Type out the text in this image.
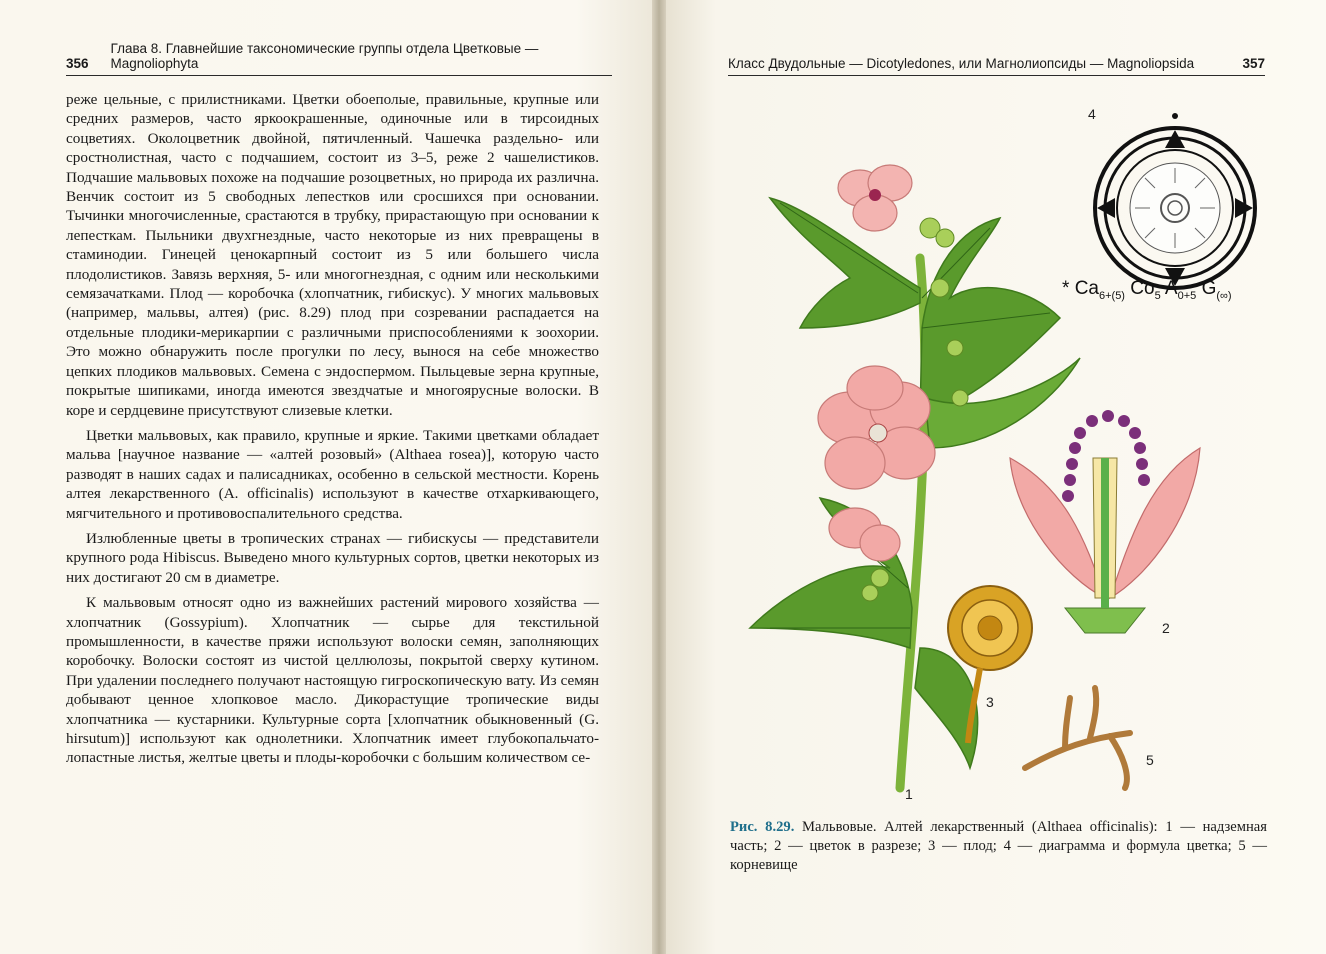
356
Глава 8. Главнейшие таксономические группы отдела Цветковые — Magnoliophyta	Класс Двудольные — Dicotyledones, или Магнолиопсиды — Magnoliopsida	357

реже цельные, с прилистниками. Цветки обоеполые, правильные, крупные или средних размеров, часто яркоокрашенные, одиночные или в тирсоидных соцветиях. Околоцветник двойной, пятичленный. Чашечка раздельно- или сростнолистная, часто с подчашием, состоит из 3–5, реже 2 чашелистиков. Подчашие мальвовых похоже на подчашие розоцветных, но природа их различна. Венчик состоит из 5 свободных лепестков или сросшихся при основании. Тычинки многочисленные, срастаются в трубку, прирастающую при основании к лепесткам. Пыльники двухгнездные, часто некоторые из них превращены в стаминодии. Гинецей ценокарпный состоит из 5 или большего числа плодолистиков. Завязь верхняя, 5- или многогнездная, с одним или несколькими семязачатками. Плод — коробочка (хлопчатник, гибискус). У многих мальвовых (например, мальвы, алтея) (рис. 8.29) плод при созревании распадается на отдельные плодики-мерикарпии с различными приспособлениями к зоохории. Это можно обнаружить после прогулки по лесу, вынося на себе множество цепких плодиков мальвовых. Семена с эндоспермом. Пыльцевые зерна крупные, покрытые шипиками, иногда имеются звездчатые и многоярусные волоски. В коре и сердцевине присутствуют слизевые клетки.

Цветки мальвовых, как правило, крупные и яркие. Такими цветками обладает мальва [научное название — «алтей розовый» (Althaea rosea)], которую часто разводят в наших садах и палисадниках, особенно в сельской местности. Корень алтея лекарственного (A. officinalis) используют в качестве отхаркивающего, мягчительного и противовоспалительного средства.

Излюбленные цветы в тропических странах — гибискусы — представители крупного рода Hibiscus. Выведено много культурных сортов, цветки некоторых из них достигают 20 см в диаметре.

К мальвовым относят одно из важнейших растений мирового хозяйства — хлопчатник (Gossypium). Хлопчатник — сырье для текстильной промышленности, в качестве пряжи используют волоски семян, заполняющих коробочку. Волоски состоят из чистой целлюлозы, покрытой сверху кутином. При удалении последнего получают настоящую гигроскопическую вату. Из семян добывают ценное хлопковое масло. Дикорастущие тропические виды хлопчатника — кустарники. Культурные сорта [хлопчатник обыкновенный (G. hirsutum)] используют как однолетники. Хлопчатник имеет глубокопальчато-лопастные листья, желтые цветы и плоды-коробочки с большим количеством се-

4
2
3
5
1
* $Ca_{6+(5)}$ $Co_5$ $A_{0+5}$ $G_{(\infty)}$
Рис. 8.29. Мальвовые. Алтей лекарственный (Althaea officinalis): 1 — надземная часть; 2 — цветок в разрезе; 3 — плод; 4 — диаграмма и формула цветка; 5 — корневище
